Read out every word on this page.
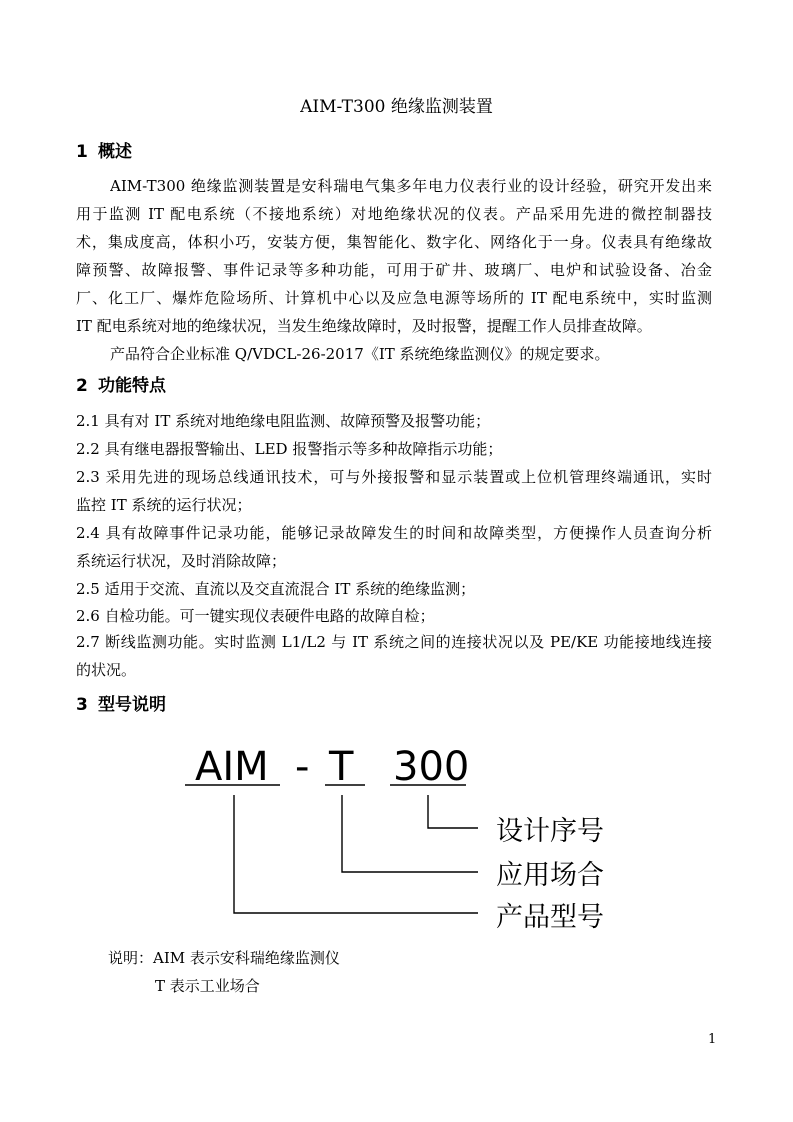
AIM-T300 绝缘监测装置
1 概述
AIM-T300 绝缘监测装置是安科瑞电气集多年电力仪表行业的设计经验，研究开发出来
用于监测 IT 配电系统（不接地系统）对地绝缘状况的仪表。产品采用先进的微控制器技
术，集成度高，体积小巧，安装方便，集智能化、数字化、网络化于一身。仪表具有绝缘故
障预警、故障报警、事件记录等多种功能，可用于矿井、玻璃厂、电炉和试验设备、冶金
厂、化工厂、爆炸危险场所、计算机中心以及应急电源等场所的 IT 配电系统中，实时监测
IT 配电系统对地的绝缘状况，当发生绝缘故障时，及时报警，提醒工作人员排查故障。
产品符合企业标准 Q/VDCL-26-2017《IT 系统绝缘监测仪》的规定要求。
2 功能特点
2.1 具有对 IT 系统对地绝缘电阻监测、故障预警及报警功能；
2.2 具有继电器报警输出、LED 报警指示等多种故障指示功能；
2.3 采用先进的现场总线通讯技术，可与外接报警和显示装置或上位机管理终端通讯，实时
监控 IT 系统的运行状况；
2.4 具有故障事件记录功能，能够记录故障发生的时间和故障类型，方便操作人员查询分析
系统运行状况，及时消除故障；
2.5 适用于交流、直流以及交直流混合 IT 系统的绝缘监测；
2.6 自检功能。可一键实现仪表硬件电路的故障自检；
2.7 断线监测功能。实时监测 L1/L2 与 IT 系统之间的连接状况以及 PE/KE 功能接地线连接
的状况。
3 型号说明
AIM - T 300
设计序号
应用场合
产品型号
说明：AIM 表示安科瑞绝缘监测仪
T 表示工业场合
1
